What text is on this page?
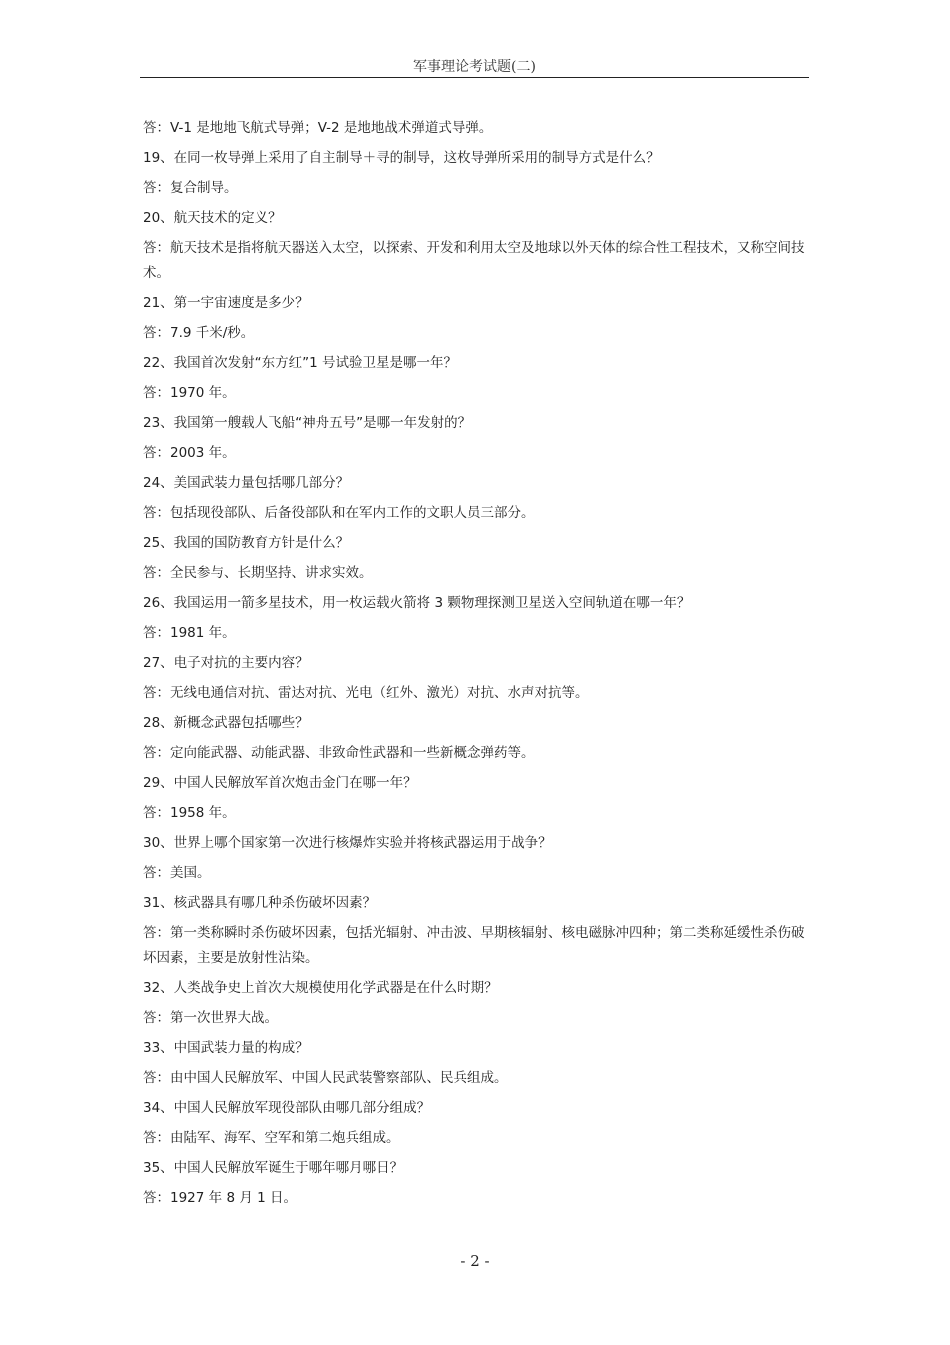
军事理论考试题(二)

答：V-1 是地地飞航式导弹；V-2 是地地战术弹道式导弹。

19、在同一枚导弹上采用了自主制导＋寻的制导，这枚导弹所采用的制导方式是什么？

答：复合制导。

20、航天技术的定义？

答：航天技术是指将航天器送入太空，以探索、开发和利用太空及地球以外天体的综合性工程技术，又称空间技术。

21、第一宇宙速度是多少？

答：7.9 千米/秒。

22、我国首次发射“东方红”1 号试验卫星是哪一年？

答：1970 年。

23、我国第一艘载人飞船“神舟五号”是哪一年发射的？

答：2003 年。

24、美国武装力量包括哪几部分？

答：包括现役部队、后备役部队和在军内工作的文职人员三部分。

25、我国的国防教育方针是什么？

答：全民参与、长期坚持、讲求实效。

26、我国运用一箭多星技术，用一枚运载火箭将 3 颗物理探测卫星送入空间轨道在哪一年？

答：1981 年。

27、电子对抗的主要内容？

答：无线电通信对抗、雷达对抗、光电（红外、激光）对抗、水声对抗等。

28、新概念武器包括哪些？

答：定向能武器、动能武器、非致命性武器和一些新概念弹药等。

29、中国人民解放军首次炮击金门在哪一年？

答：1958 年。

30、世界上哪个国家第一次进行核爆炸实验并将核武器运用于战争？

答：美国。

31、核武器具有哪几种杀伤破坏因素？

答：第一类称瞬时杀伤破坏因素，包括光辐射、冲击波、早期核辐射、核电磁脉冲四种；第二类称延缓性杀伤破坏因素，主要是放射性沾染。

32、人类战争史上首次大规模使用化学武器是在什么时期？

答：第一次世界大战。

33、中国武装力量的构成？

答：由中国人民解放军、中国人民武装警察部队、民兵组成。

34、中国人民解放军现役部队由哪几部分组成？

答：由陆军、海军、空军和第二炮兵组成。

35、中国人民解放军诞生于哪年哪月哪日？

答：1927 年 8 月 1 日。

- 2 -
